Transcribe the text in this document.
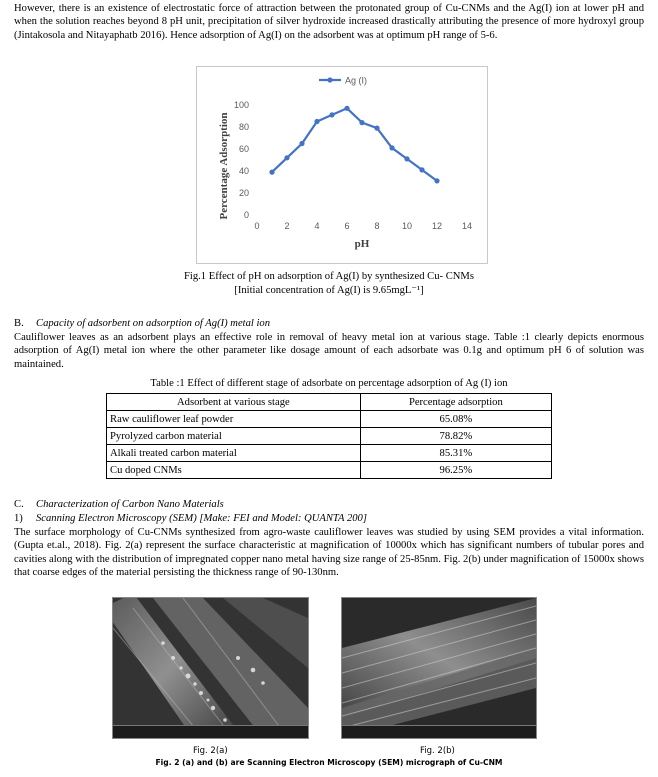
However, there is an existence of electrostatic force of attraction between the protonated group of Cu-CNMs and the Ag(I) ion at lower pH and when the solution reaches beyond 8 pH unit, precipitation of silver hydroxide increased drastically attributing the presence of more hydroxyl group (Jintakosola and Nitayaphatb 2016). Hence adsorption of Ag(I) on the adsorbent was at optimum pH range of 5-6.

0
20
40
60
80
100
0	2	4	6	8 10 12 14
pH
Percentage Adsorption
Ag (I)

Fig.1 Effect of pH on adsorption of Ag(I) by synthesized Cu- CNMs

[Initial concentration of Ag(I) is 9.65mgL⁻¹]

B. Capacity of adsorbent on adsorption of Ag(I) metal ion

Cauliflower leaves as an adsorbent plays an effective role in removal of heavy metal ion at various stage. Table :1 clearly depicts enormous adsorption of Ag(I) metal ion where the other parameter like dosage amount of each adsorbate was 0.1g and optimum pH 6 of solution was maintained.

Table :1 Effect of different stage of adsorbate on percentage adsorption of Ag (I) ion

Adsorbent at various stage	Percentage adsorption
Raw cauliflower leaf powder	65.08%
Pyrolyzed carbon material	78.82%
Alkali treated carbon material	85.31%
Cu doped CNMs	96.25%

C. Characterization of Carbon Nano Materials

1) Scanning Electron Microscopy (SEM) [Make: FEI and Model: QUANTA 200]

The surface morphology of Cu-CNMs synthesized from agro-waste cauliflower leaves was studied by using SEM provides a vital information. (Gupta et.al., 2018). Fig. 2(a) represent the surface characteristic at magnification of 10000x which has significant numbers of tubular pores and cavities along with the distribution of impregnated copper nano metal having size range of 25-85nm. Fig. 2(b) under magnification of 15000x shows that coarse edges of the material persisting the thickness range of 90-130nm.

Fig. 2(a)	Fig. 2(b)

Fig. 2 (a) and (b) are Scanning Electron Microscopy (SEM) micrograph of Cu-CNM
